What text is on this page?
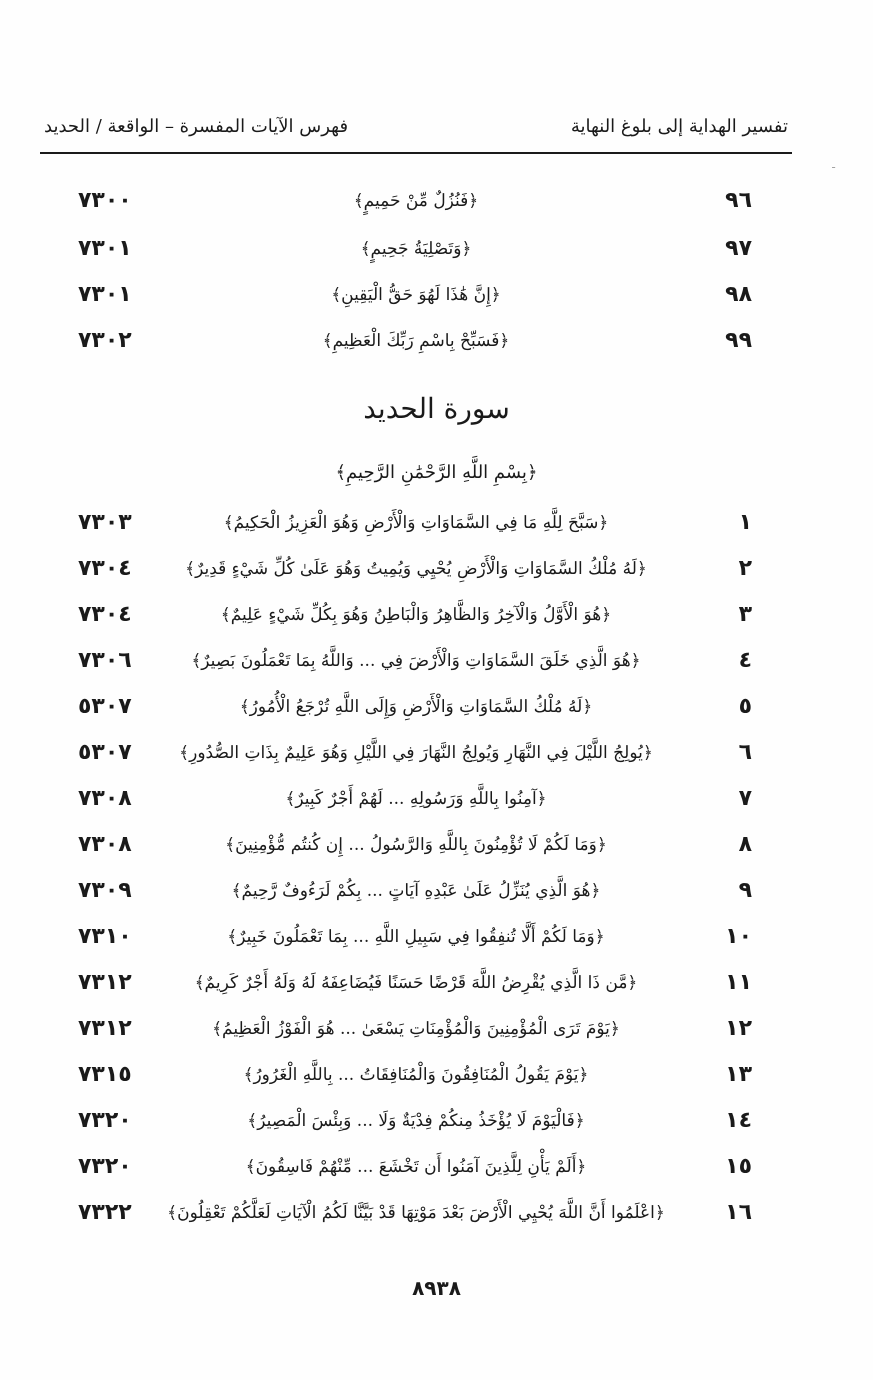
تفسير الهداية إلى بلوغ النهاية
فهرس الآيات المفسرة – الواقعة / الحديد
ـ
٩٦
﴿فَنُزُلٌ مِّنْ حَمِيمٍ﴾
٧٣٠٠
٩٧
﴿وَتَصْلِيَةُ جَحِيمٍ﴾
٧٣٠١
٩٨
﴿إِنَّ هَٰذَا لَهُوَ حَقُّ الْيَقِينِ﴾
٧٣٠١
٩٩
﴿فَسَبِّحْ بِاسْمِ رَبِّكَ الْعَظِيمِ﴾
٧٣٠٢
سورة الحديد
﴿بِسْمِ اللَّهِ الرَّحْمَٰنِ الرَّحِيمِ﴾
١
﴿سَبَّحَ لِلَّهِ مَا فِي السَّمَاوَاتِ وَالْأَرْضِ وَهُوَ الْعَزِيزُ الْحَكِيمُ﴾
٧٣٠٣
٢
﴿لَهُ مُلْكُ السَّمَاوَاتِ وَالْأَرْضِ يُحْيِي وَيُمِيتُ وَهُوَ عَلَىٰ كُلِّ شَيْءٍ قَدِيرٌ﴾
٧٣٠٤
٣
﴿هُوَ الْأَوَّلُ وَالْآخِرُ وَالظَّاهِرُ وَالْبَاطِنُ وَهُوَ بِكُلِّ شَيْءٍ عَلِيمٌ﴾
٧٣٠٤
٤
﴿هُوَ الَّذِي خَلَقَ السَّمَاوَاتِ وَالْأَرْضَ فِي ... وَاللَّهُ بِمَا تَعْمَلُونَ بَصِيرٌ﴾
٧٣٠٦
٥
﴿لَهُ مُلْكُ السَّمَاوَاتِ وَالْأَرْضِ وَإِلَى اللَّهِ تُرْجَعُ الْأُمُورُ﴾
٥٣٠٧
٦
﴿يُولِجُ اللَّيْلَ فِي النَّهَارِ وَيُولِجُ النَّهَارَ فِي اللَّيْلِ وَهُوَ عَلِيمٌ بِذَاتِ الصُّدُورِ﴾
٥٣٠٧
٧
﴿آمِنُوا بِاللَّهِ وَرَسُولِهِ ... لَهُمْ أَجْرٌ كَبِيرٌ﴾
٧٣٠٨
٨
﴿وَمَا لَكُمْ لَا تُؤْمِنُونَ بِاللَّهِ وَالرَّسُولُ ... إِن كُنتُم مُّؤْمِنِينَ﴾
٧٣٠٨
٩
﴿هُوَ الَّذِي يُنَزِّلُ عَلَىٰ عَبْدِهِ آيَاتٍ ... بِكُمْ لَرَءُوفٌ رَّحِيمٌ﴾
٧٣٠٩
١٠
﴿وَمَا لَكُمْ أَلَّا تُنفِقُوا فِي سَبِيلِ اللَّهِ ... بِمَا تَعْمَلُونَ خَبِيرٌ﴾
٧٣١٠
١١
﴿مَّن ذَا الَّذِي يُقْرِضُ اللَّهَ قَرْضًا حَسَنًا فَيُضَاعِفَهُ لَهُ وَلَهُ أَجْرٌ كَرِيمٌ﴾
٧٣١٢
١٢
﴿يَوْمَ تَرَى الْمُؤْمِنِينَ وَالْمُؤْمِنَاتِ يَسْعَىٰ ... هُوَ الْفَوْزُ الْعَظِيمُ﴾
٧٣١٢
١٣
﴿يَوْمَ يَقُولُ الْمُنَافِقُونَ وَالْمُنَافِقَاتُ ... بِاللَّهِ الْغَرُورُ﴾
٧٣١٥
١٤
﴿فَالْيَوْمَ لَا يُؤْخَذُ مِنكُمْ فِدْيَةٌ وَلَا ... وَبِئْسَ الْمَصِيرُ﴾
٧٣٢٠
١٥
﴿أَلَمْ يَأْنِ لِلَّذِينَ آمَنُوا أَن تَخْشَعَ ... مِّنْهُمْ فَاسِقُونَ﴾
٧٣٢٠
١٦
﴿اعْلَمُوا أَنَّ اللَّهَ يُحْيِي الْأَرْضَ بَعْدَ مَوْتِهَا قَدْ بَيَّنَّا لَكُمُ الْآيَاتِ لَعَلَّكُمْ تَعْقِلُونَ﴾
٧٣٢٢
٨٩٣٨
